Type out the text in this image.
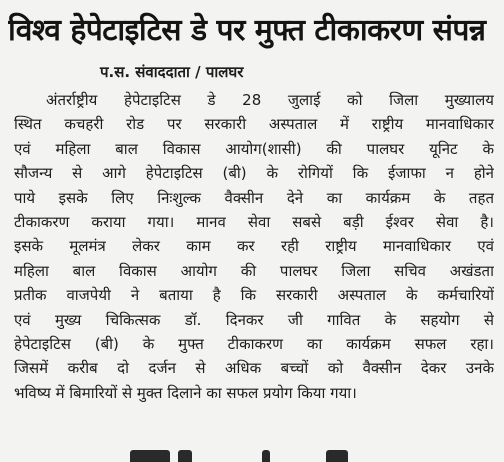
विश्व हेपेटाइटिस डे पर मुफ्त टीकाकरण संपन्न
प.स. संवाददाता / पालघर
अंतर्राष्ट्रीय हेपेटाइटिस डे 28 जुलाई को जिला मुख्यालय
स्थित कचहरी रोड पर सरकारी अस्पताल में राष्ट्रीय मानवाधिकार
एवं महिला बाल विकास आयोग(शासी) की पालघर यूनिट के
सौजन्य से आगे हेपेटाइटिस (बी) के रोगियों कि ईजाफा न होने
पाये इसके लिए निःशुल्क वैक्सीन देने का कार्यक्रम के तहत
टीकाकरण कराया गया। मानव सेवा सबसे बड़ी ईश्वर सेवा है।
इसके मूलमंत्र लेकर काम कर रही राष्ट्रीय मानवाधिकार एवं
महिला बाल विकास आयोग की पालघर जिला सचिव अखंडता
प्रतीक वाजपेयी ने बताया है कि सरकारी अस्पताल के कर्मचारियों
एवं मुख्य चिकित्सक डॉ. दिनकर जी गावित के सहयोग से
हेपेटाइटिस (बी) के मुफ्त टीकाकरण का कार्यक्रम सफल रहा।
जिसमें करीब दो दर्जन से अधिक बच्चों को वैक्सीन देकर उनके
भविष्य में बिमारियों से मुक्त दिलाने का सफल प्रयोग किया गया।
